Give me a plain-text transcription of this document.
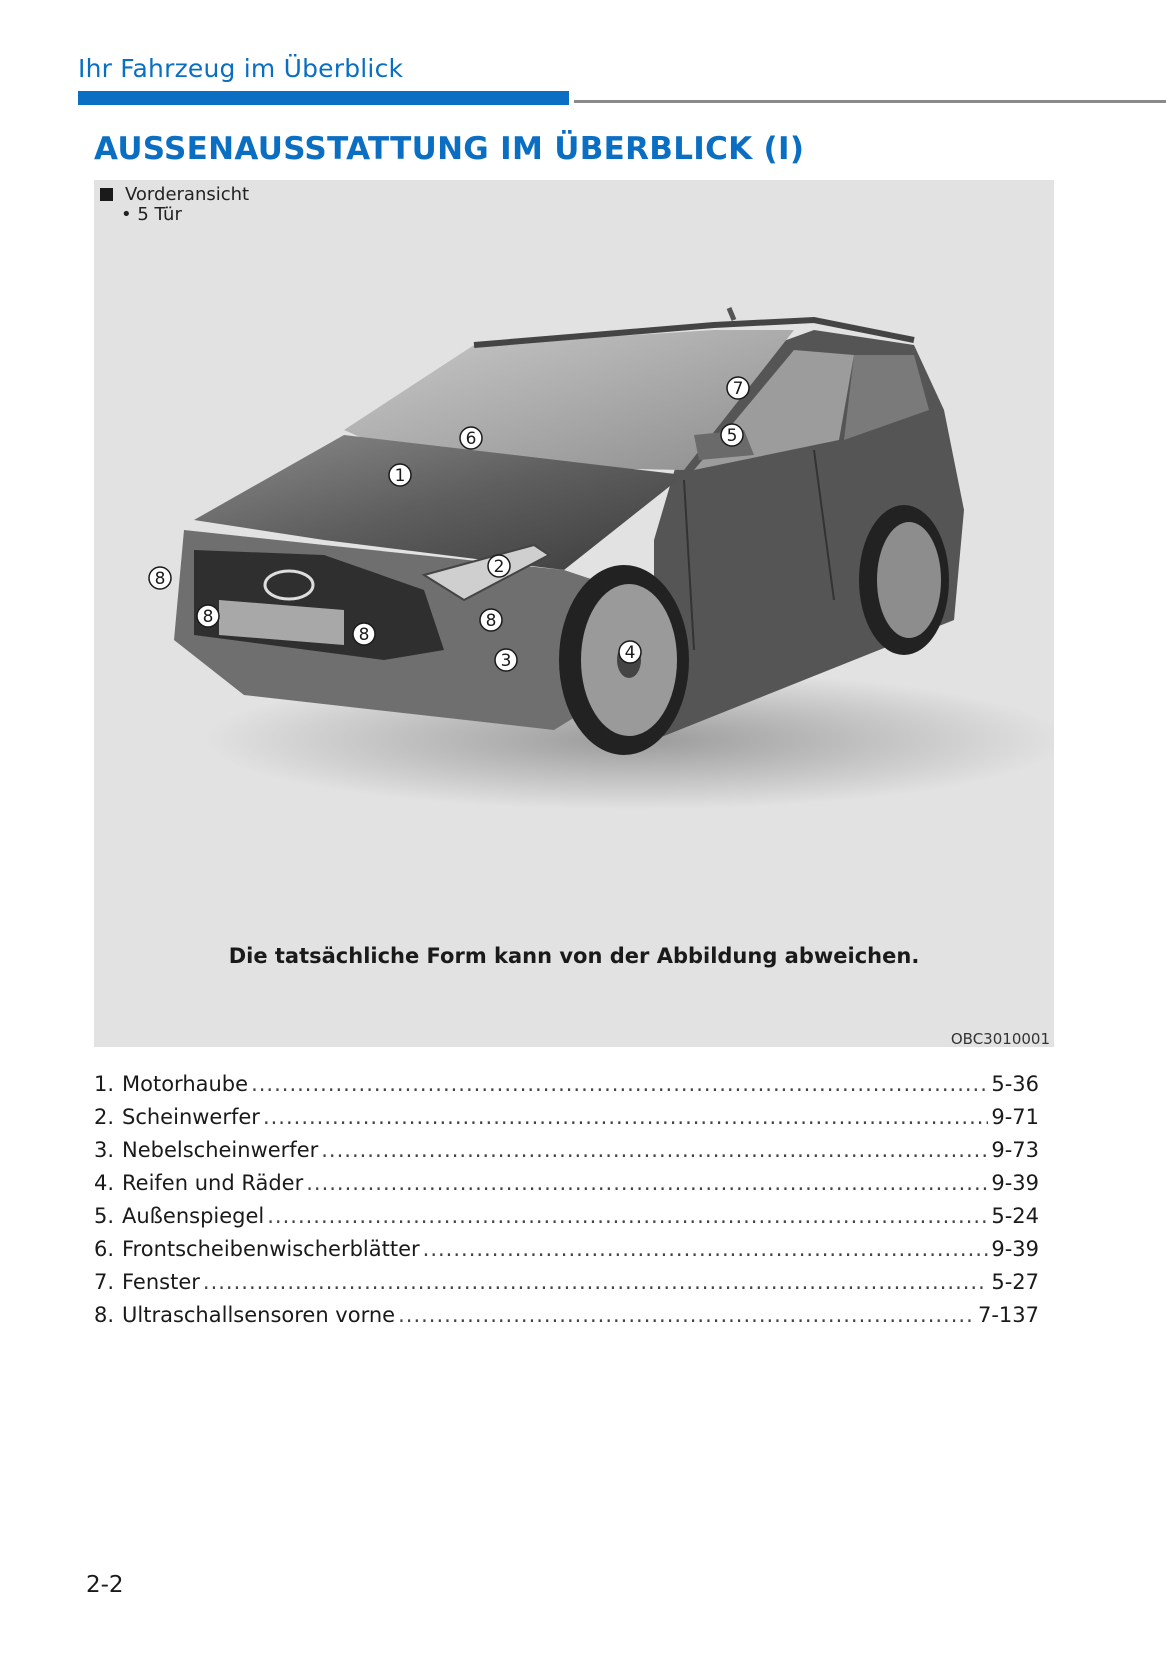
Ihr Fahrzeug im Überblick
AUSSENAUSSTATTUNG IM ÜBERBLICK (I)
1
2
3	4
5
6
7
8
8
8
8
Vorderansicht
• 5 Tür
Die tatsächliche Form kann von der Abbildung abweichen.
OBC3010001
1. Motorhaube .....	5-36
2. Scheinwerfer .....	9-71
3. Nebelscheinwerfer .....	9-73
4. Reifen und Räder .....	9-39
5. Außenspiegel .....	5-24
6. Frontscheibenwischerblätter .....	9-39
7. Fenster .....	5-27
8. Ultraschallsensoren vorne .....	7-137
2-2
